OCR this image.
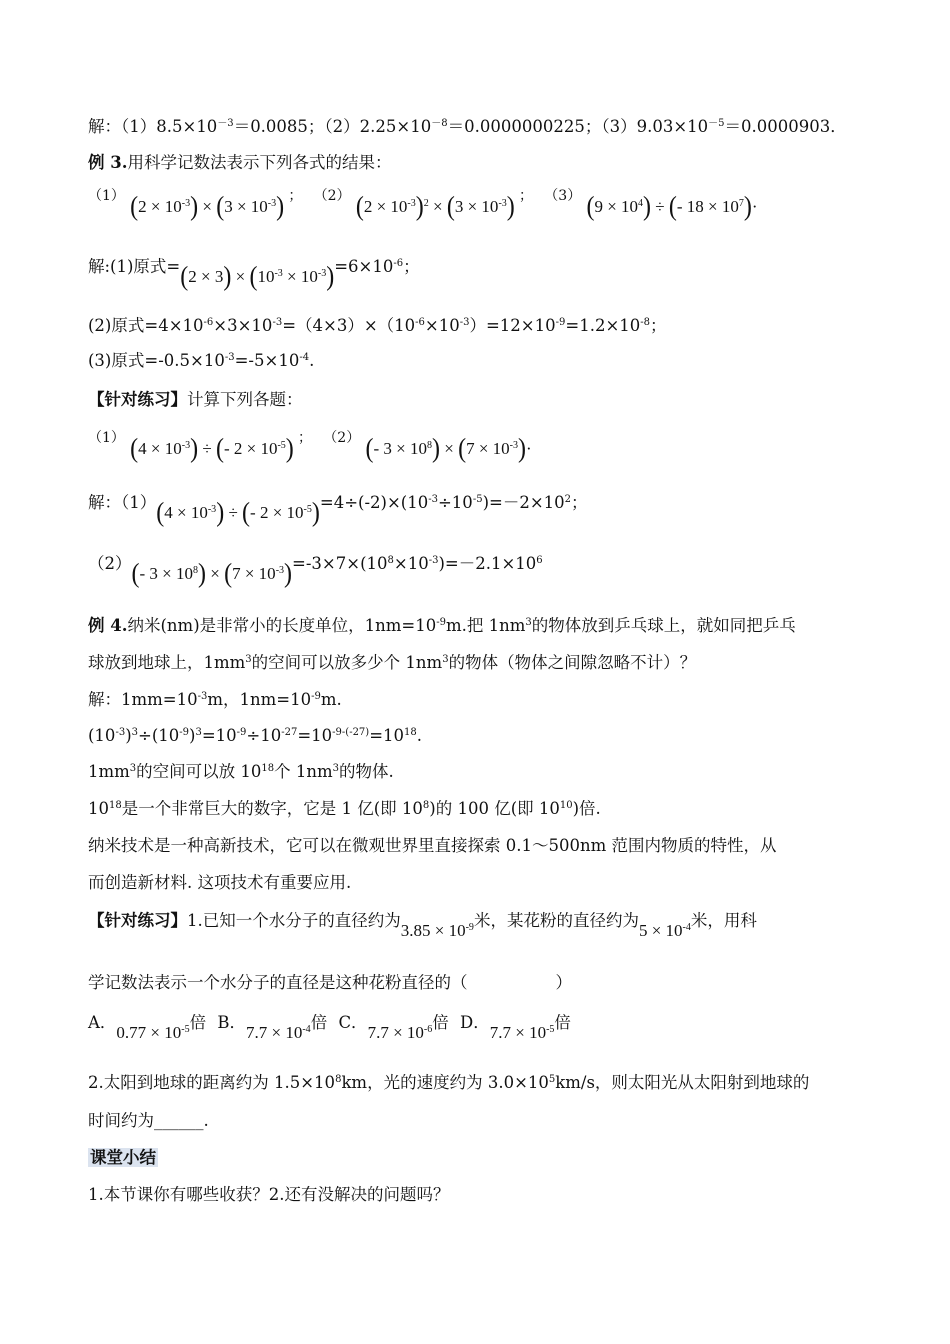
解：$(1)8.5\times 10^{-3}=0.0085$；$(2)2.25\times 10^{-8}=0.0000000225$；$(3)9.03\times 10^{-5}=0.0000903$．
例 3.用科学记数法表示下列各式的结果：
$^{(1)}$ $(2 \times 10^{-3}) \times (3 \times 10^{-3})$ ； $^{(2)}$ $(2 \times 10^{-3})^2 \times (3 \times 10^{-3})$ ； $^{(3)}$ $(9 \times 10^4)$ ÷ (- $18 \times 10^7)\cdot$
解:(1)原式$=(2 \times 3) \times (10^{-3} \times 10^{-3})=6\times 10^{-6}$；
(2)原式$=4\times 10^{-6}\times 3\times 10^{-3}=(4\times 3)\times(10^{-6}\times 10^{-3})=12\times 10^{-9}=1.2\times 10^{-8}$；
(3)原式$=-0.5\times 10^{-3}=-5\times 10^{-4}$.
【针对练习】计算下列各题：
$^{(1)}$ $(4 \times 10^{-3})$ ÷ (- $2 \times 10^{-5}$) ； $^{(2)}$ (- $3 \times 10^8) \times (7 \times 10^{-3})\cdot$
解：$(1)(4 \times 10^{-3})$ ÷ (- $2 \times 10^{-5})=4\div(-2)\times(10^{-3}\div 10^{-5})=-2\times 10^2$；
（2）(- $3 \times 10^8) \times (7 \times 10^{-3})=-3\times 7\times(10^8\times 10^{-3})=-2.1\times 10^6$
例 4.纳米(nm)是非常小的长度单位，$1nm=10^{-9}m$.把 $1nm^3$的物体放到乒乓球上，就如同把乒乓
球放到地球上，$1mm^3$的空间可以放多少个 $1nm^3$的物体（物体之间隙忽略不计）？
解：$1mm=10^{-3}m$，$1nm=10^{-9}m$.
$(10^{-3})^3\div(10^{-9})^3=10^{-9}\div 10^{-27}=10^{-9-(-27)}=10^{18}$.
$1mm^3$的空间可以放 $10^{18}$个 $1nm^3$的物体.
$10^{18}$是一个非常巨大的数字，它是 1 亿(即 $10^8$)的 100 亿(即 $10^{10}$)倍.
纳米技术是一种高新技术，它可以在微观世界里直接探索 0.1～500nm 范围内物质的特性，从
而创造新材料. 这项技术有重要应用.
【针对练习】1.已知一个水分子的直径约为$3.85 \times 10^{-9}$米，某花粉的直径约为$5 \times 10^{-4}$米，用科
学记数法表示一个水分子的直径是这种花粉直径的（	）
A．$0.77 \times 10^{-5}$倍 B．$7.7 \times 10^{-4}$倍 C．$7.7 \times 10^{-6}$倍 D．$7.7 \times 10^{-5}$倍
2.太阳到地球的距离约为 $1.5\times 10^8km$，光的速度约为 $3.0\times 10^5km/s$，则太阳光从太阳射到地球的
时间约为______.
课堂小结
1.本节课你有哪些收获？2.还有没解决的问题吗？
